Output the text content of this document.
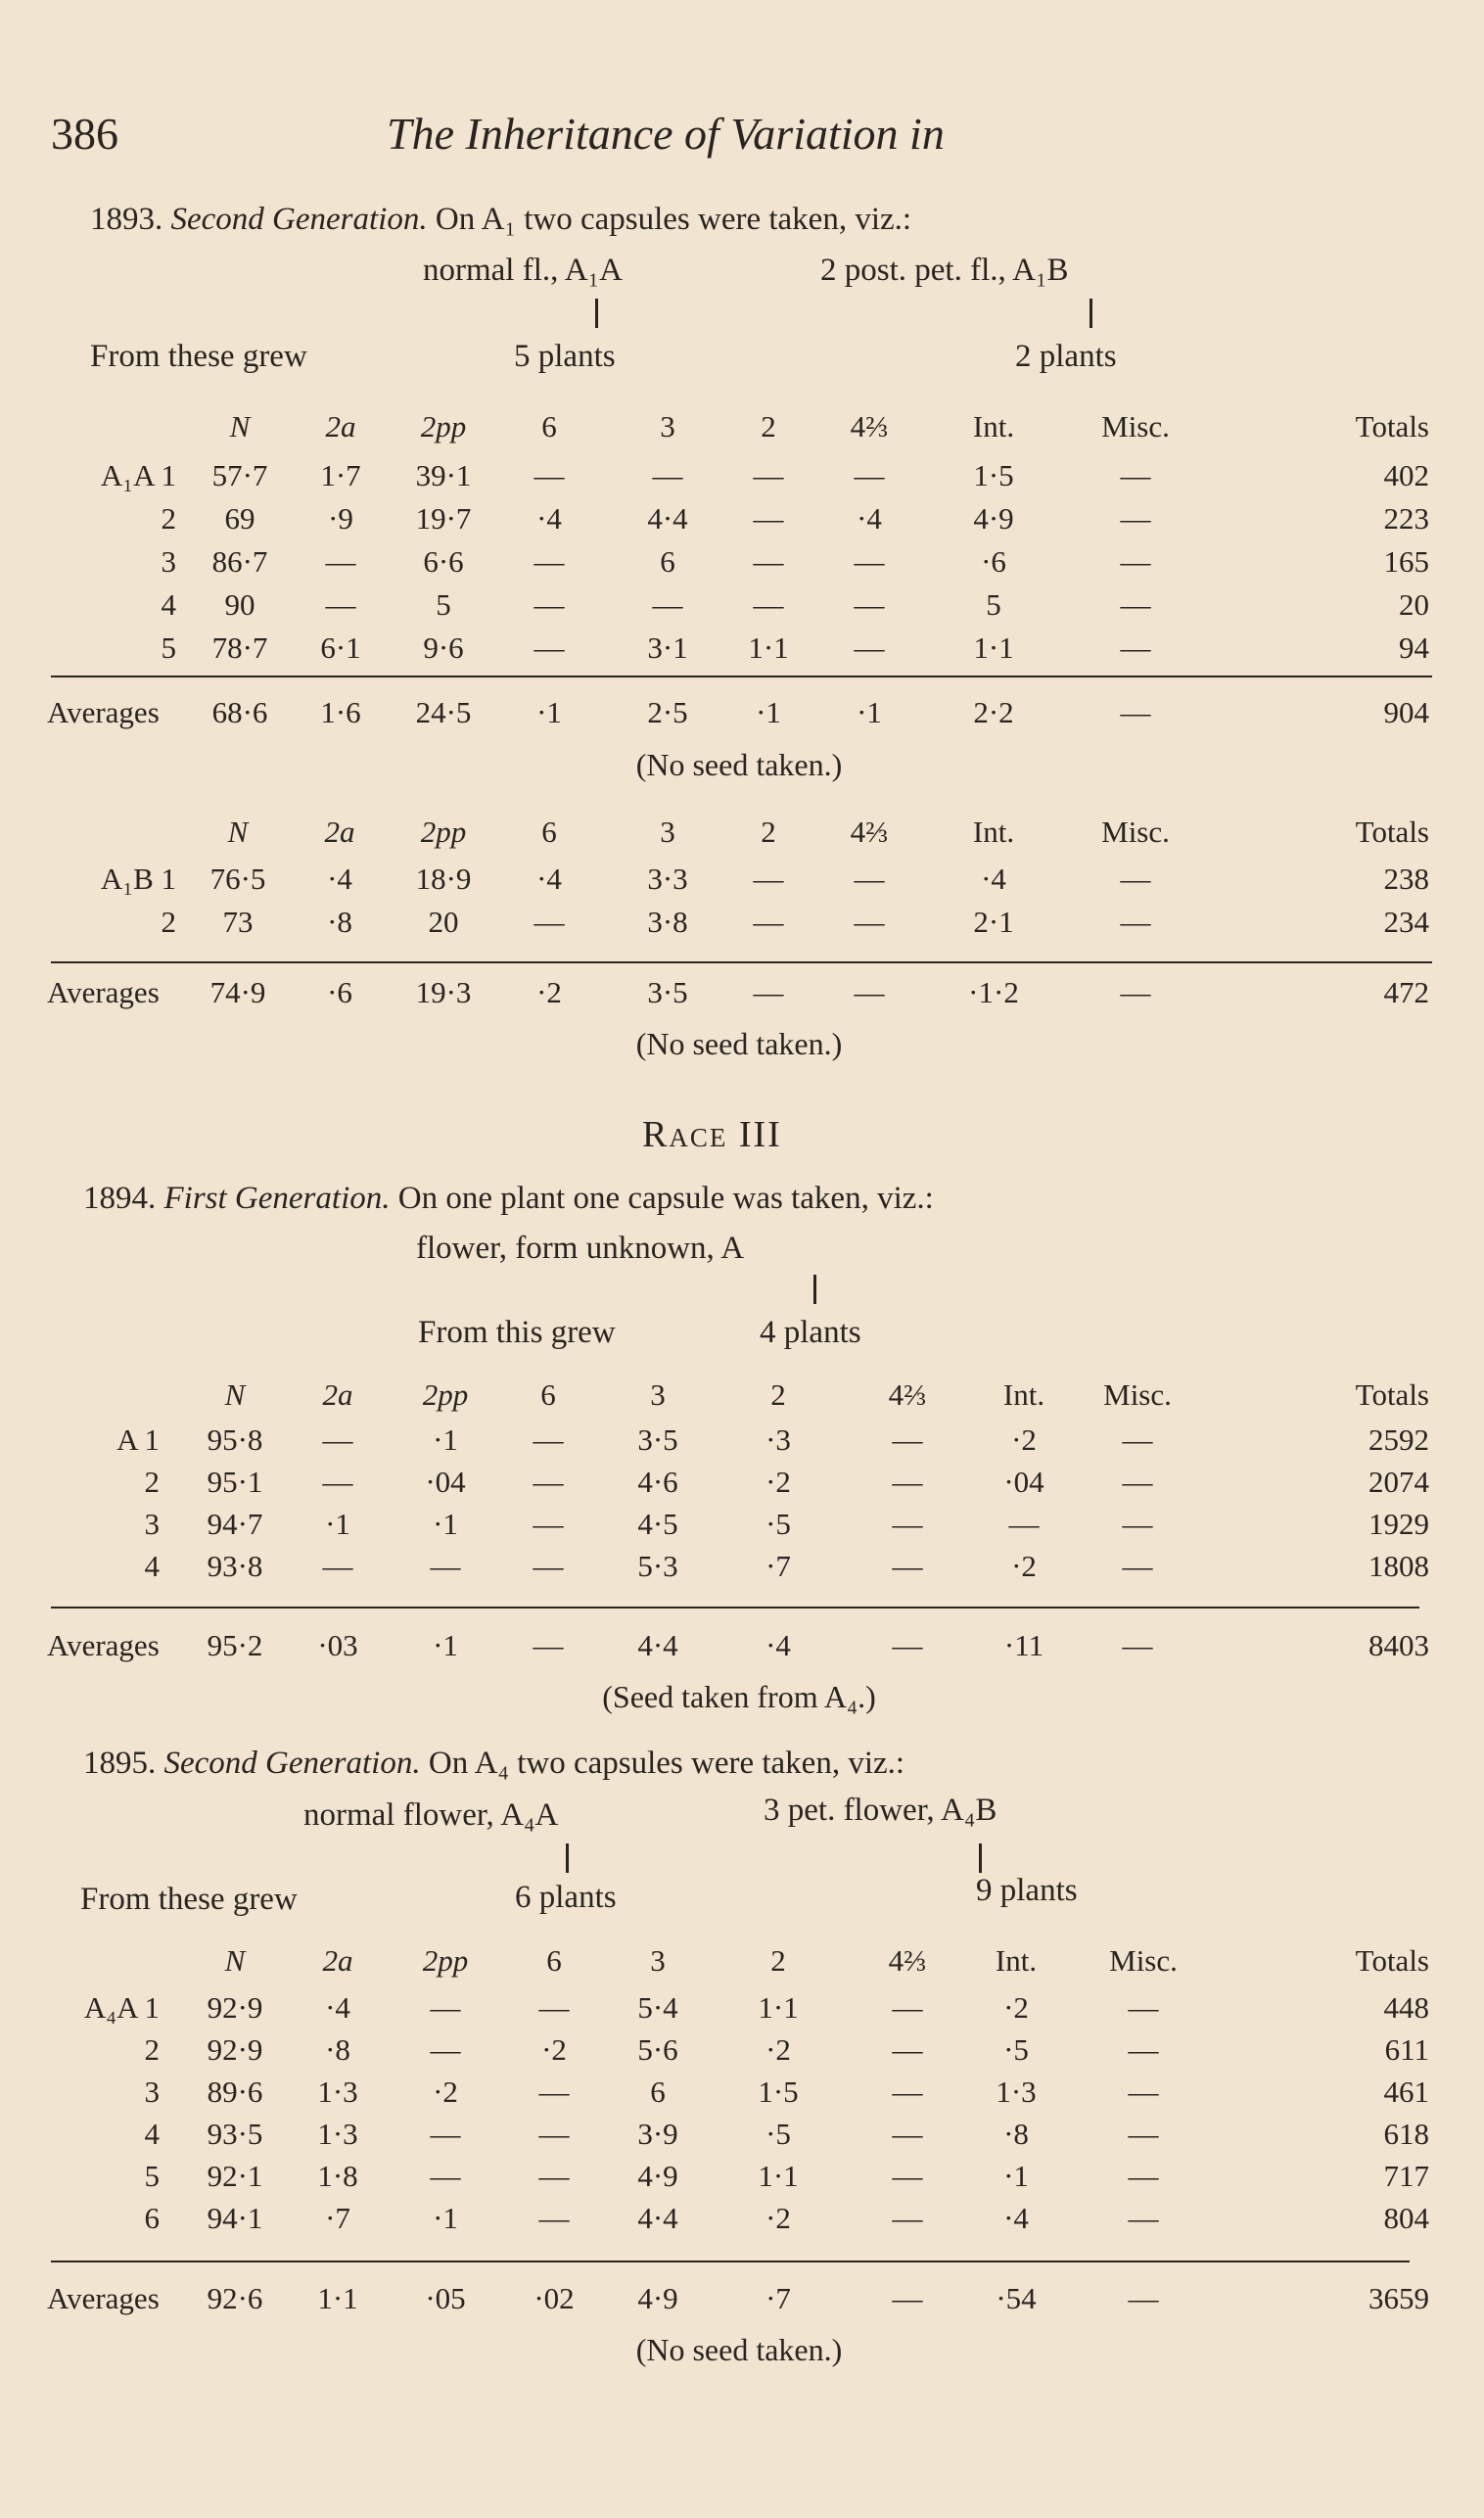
386	The Inheritance of Variation in
1893. Second Generation. On A₁ two capsules were taken, viz.:
normal fl., A₁A	2 post. pet. fl., A₁B
From these grew	5 plants	2 plants
N	2a	2pp	6	3	2	4⅔	Int.	Misc.	Totals
A₁A 1	57·7	1·7	39·1	—	—	—	—	1·5	—	402
2	69	·9	19·7	·4	4·4	—	·4	4·9	—	223
3	86·7	—	6·6	—	6	—	—	·6	—	165
4	90	—	5	—	—	—	—	5	—	20
5	78·7	6·1	9·6	—	3·1	1·1	—	1·1	—	94
Averages	68·6	1·6	24·5	·1	2·5	·1	·1	2·2	—	904
(No seed taken.)
N	2a	2pp	6	3	2	4⅔	Int.	Misc.	Totals
A₁B 1	76·5	·4	18·9	·4	3·3	—	—	·4	—	238
2	73	·8	20	—	3·8	—	—	2·1	—	234
Averages	74·9	·6	19·3	·2	3·5	—	—	·1·2	—	472
(No seed taken.)
Race III
1894. First Generation. On one plant one capsule was taken, viz.:
flower, form unknown, A
From this grew	4 plants
N	2a	2pp	6	3	2	4⅔	Int.	Misc.	Totals
A 1	95·8	—	·1	—	3·5	·3	—	·2	—	2592
2	95·1	—	·04	—	4·6	·2	—	·04	—	2074
3	94·7	·1	·1	—	4·5	·5	—	—	—	1929
4	93·8	—	—	—	5·3	·7	—	·2	—	1808
Averages	95·2	·03	·1	—	4·4	·4	—	·11	—	8403
(Seed taken from A₄.)
1895. Second Generation. On A₄ two capsules were taken, viz.:
normal flower, A₄A	3 pet. flower, A₄B
From these grew	6 plants	9 plants
N	2a	2pp	6	3	2	4⅔	Int.	Misc.	Totals
A₄A 1	92·9	·4	—	—	5·4	1·1	—	·2	—	448
2	92·9	·8	—	·2	5·6	·2	—	·5	—	611
3	89·6	1·3	·2	—	6	1·5	—	1·3	—	461
4	93·5	1·3	—	—	3·9	·5	—	·8	—	618
5	92·1	1·8	—	—	4·9	1·1	—	·1	—	717
6	94·1	·7	·1	—	4·4	·2	—	·4	—	804
Averages	92·6	1·1	·05	·02	4·9	·7	—	·54	—	3659
(No seed taken.)
